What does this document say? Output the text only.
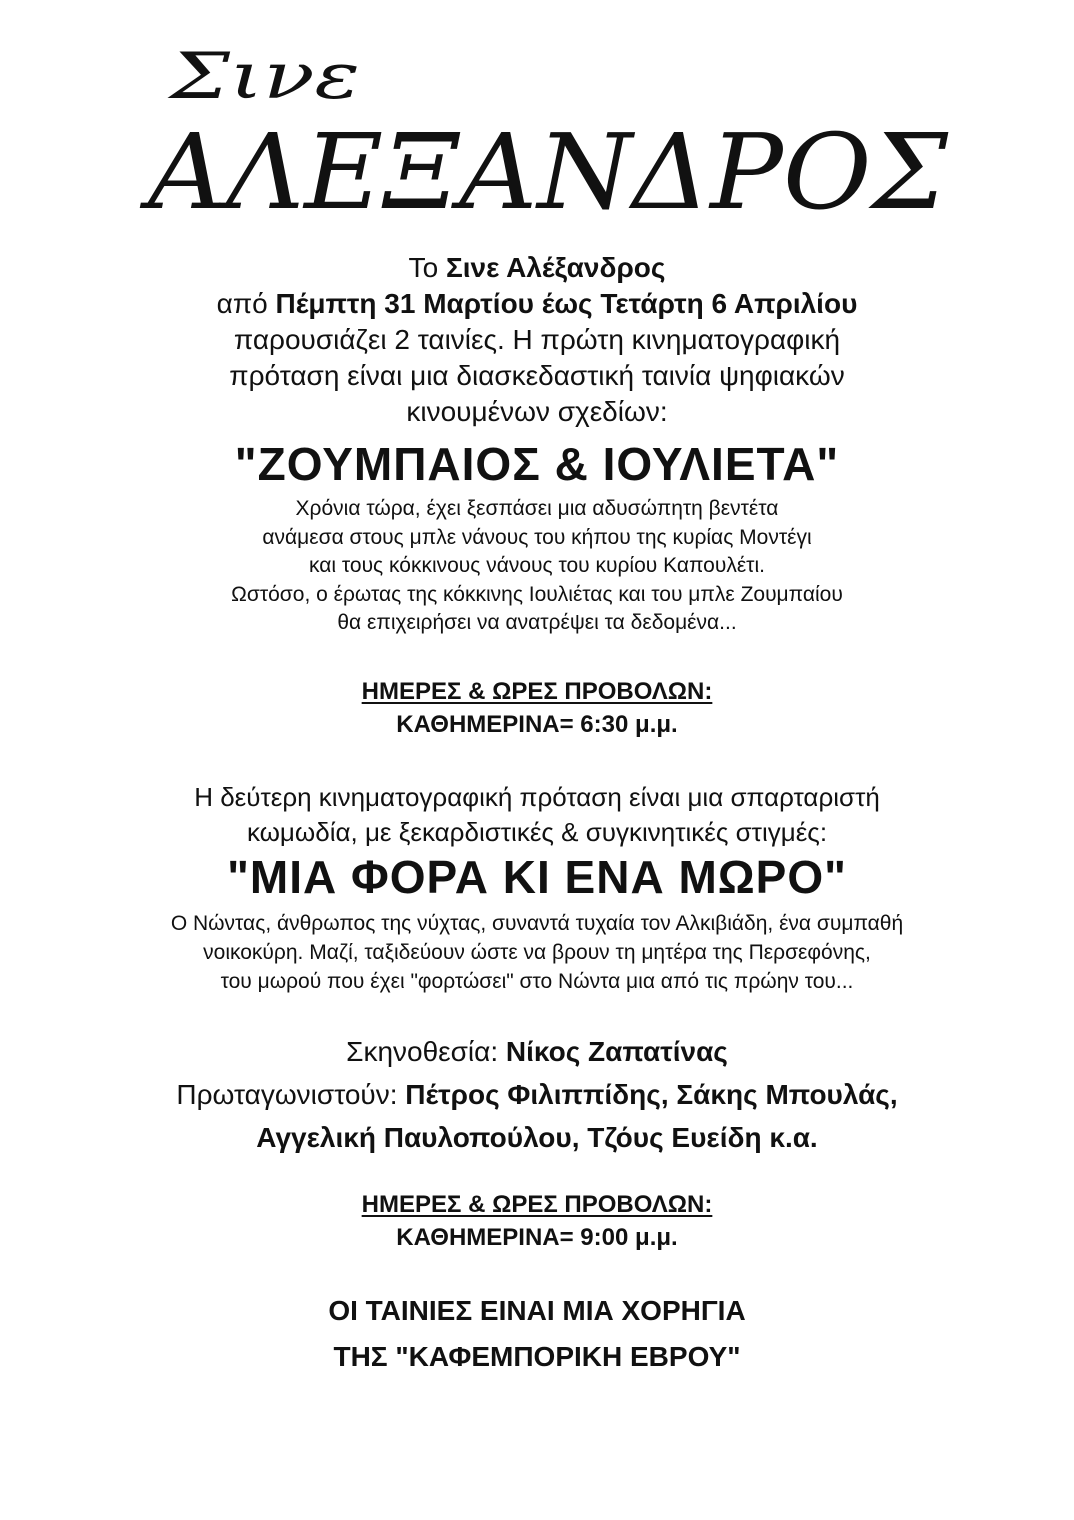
Σινε
ΑΛΕΞΑΝΔΡΟΣ
Το Σινε Αλέξανδρος
από Πέμπτη 31 Μαρτίου έως Τετάρτη 6 Απριλίου
παρουσιάζει 2 ταινίες. Η πρώτη κινηματογραφική
πρόταση είναι μια διασκεδαστική ταινία ψηφιακών
κινουμένων σχεδίων:
"ΖΟΥΜΠΑΙΟΣ & ΙΟΥΛΙΕΤΑ"
Χρόνια τώρα, έχει ξεσπάσει μια αδυσώπητη βεντέτα
ανάμεσα στους μπλε νάνους του κήπου της κυρίας Μοντέγι
και τους κόκκινους νάνους του κυρίου Καπουλέτι.
Ωστόσο, ο έρωτας της κόκκινης Ιουλιέτας και του μπλε Ζουμπαίου
θα επιχειρήσει να ανατρέψει τα δεδομένα...
ΗΜΕΡΕΣ & ΩΡΕΣ ΠΡΟΒΟΛΩΝ:
ΚΑΘΗΜΕΡΙΝΑ= 6:30 μ.μ.
Η δεύτερη κινηματογραφική πρόταση είναι μια σπαρταριστή
κωμωδία, με ξεκαρδιστικές & συγκινητικές στιγμές:
"ΜΙΑ ΦΟΡΑ ΚΙ ΕΝΑ ΜΩΡΟ"
Ο Νώντας, άνθρωπος της νύχτας, συναντά τυχαία τον Αλκιβιάδη, ένα συμπαθή
νοικοκύρη. Μαζί, ταξιδεύουν ώστε να βρουν τη μητέρα της Περσεφόνης,
του μωρού που έχει "φορτώσει" στο Νώντα μια από τις πρώην του...
Σκηνοθεσία: Νίκος Ζαπατίνας
Πρωταγωνιστούν: Πέτρος Φιλιππίδης, Σάκης Μπουλάς,
Αγγελική Παυλοπούλου, Τζόυς Ευείδη κ.α.
ΗΜΕΡΕΣ & ΩΡΕΣ ΠΡΟΒΟΛΩΝ:
ΚΑΘΗΜΕΡΙΝΑ= 9:00 μ.μ.
ΟΙ ΤΑΙΝΙΕΣ ΕΙΝΑΙ ΜΙΑ ΧΟΡΗΓΙΑ
ΤΗΣ "ΚΑΦΕΜΠΟΡΙΚΗ ΕΒΡΟΥ"
